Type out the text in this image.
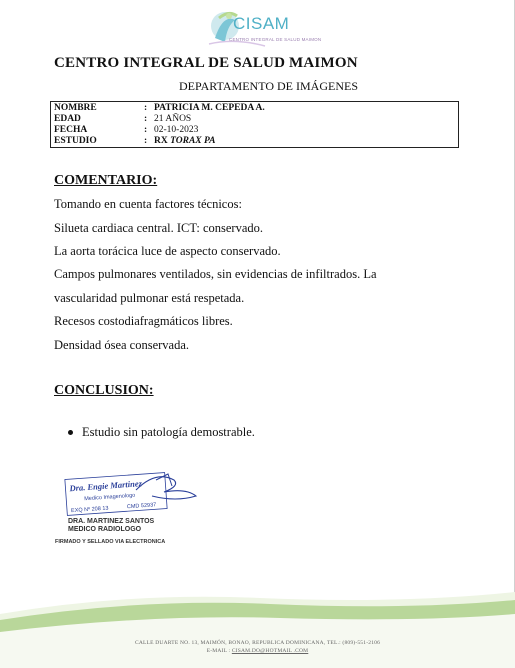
CISAM
CENTRO INTEGRAL DE SALUD MAIMON
CENTRO INTEGRAL DE SALUD MAIMON
DEPARTAMENTO DE IMÁGENES
NOMBRE	: PATRICIA M. CEPEDA A.
EDAD	: 21 AÑOS
FECHA	: 02-10-2023
ESTUDIO	: RX TORAX PA
COMENTARIO:
Tomando en cuenta factores técnicos:
Silueta cardiaca central. ICT: conservado.
La aorta torácica luce de aspecto conservado.
Campos pulmonares ventilados, sin evidencias de infiltrados. La
vascularidad pulmonar está respetada.
Recesos costodiafragmáticos libres.
Densidad ósea conservada.
CONCLUSION:
Estudio sin patología demostrable.
Dra. Engie Martinez
Medico Imagenologo
EXQ Nº 208 13	CMD 52937
DRA. MARTINEZ SANTOS
MEDICO RADIOLOGO
FIRMADO Y SELLADO VIA ELECTRONICA
CALLE DUARTE NO. 13, MAIMÓN, BONAO, REPUBLICA DOMINICANA, TEL.: (809)-551-2106
E-MAIL : CISAM.DO@HOTMAIL .COM
